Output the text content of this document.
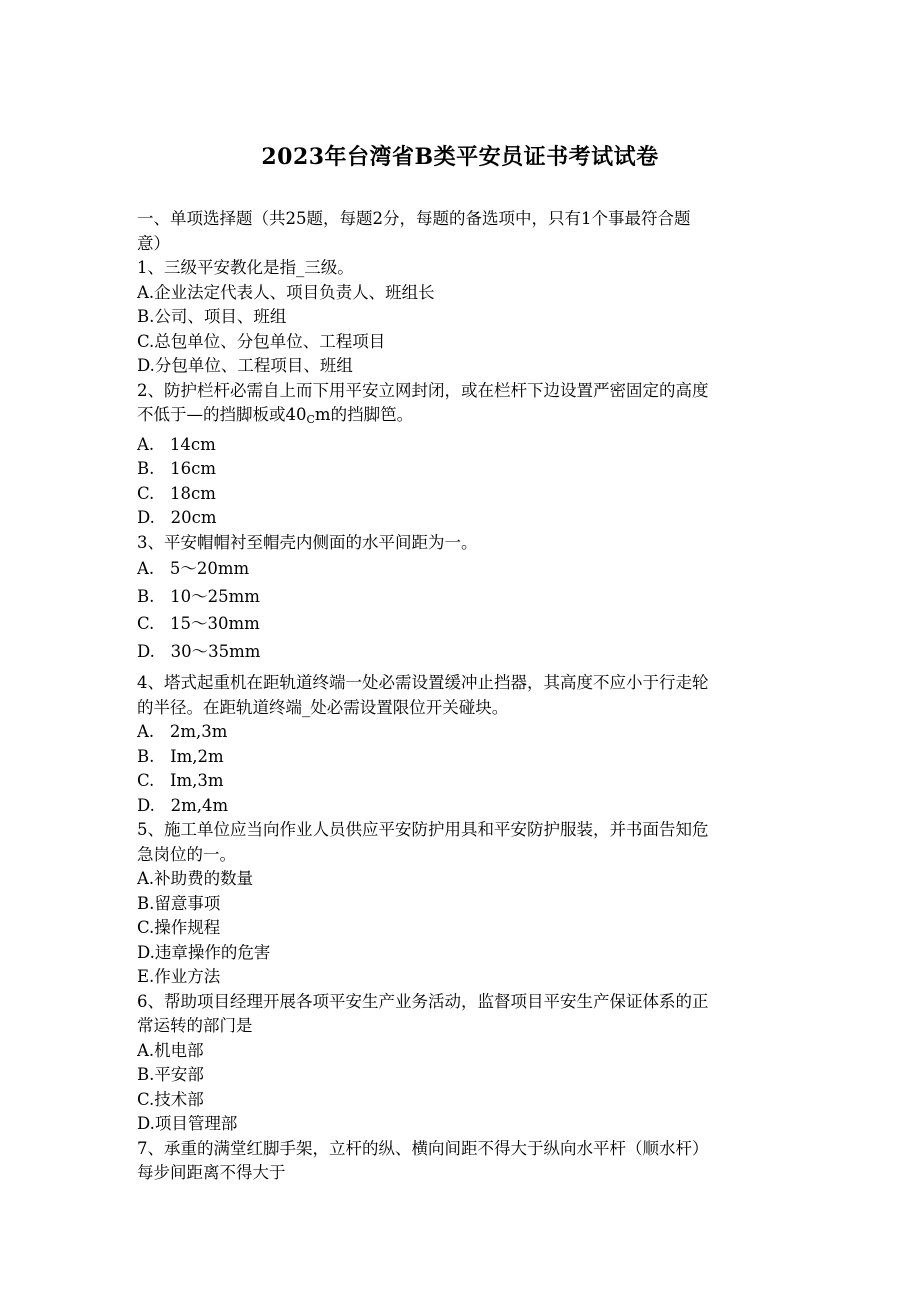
2023年台湾省B类平安员证书考试试卷
一、单项选择题（共25题，每题2分，每题的备选项中，只有1个事最符合题
意）
1、三级平安教化是指_三级。
A.企业法定代表人、项目负责人、班组长
B.公司、项目、班组
C.总包单位、分包单位、工程项目
D.分包单位、工程项目、班组
2、防护栏杆必需自上而下用平安立网封闭，或在栏杆下边设置严密固定的高度
不低于—的挡脚板或$40_Cm$的挡脚笆。
A.   14cm
B.   16cm
C.   18cm
D.   20cm
3、平安帽帽衬至帽壳内侧面的水平间距为一。
A.   5～20mm
B.   10～25mm
C.   15～30mm
D.   30～35mm
4、塔式起重机在距轨道终端一处必需设置缓冲止挡器，其高度不应小于行走轮
的半径。在距轨道终端_处必需设置限位开关碰块。
A.   2m,3m
B.   Im,2m
C.   Im,3m
D.   2m,4m
5、施工单位应当向作业人员供应平安防护用具和平安防护服装，并书面告知危
急岗位的一。
A.补助费的数量
B.留意事项
C.操作规程
D.违章操作的危害
E.作业方法
6、帮助项目经理开展各项平安生产业务活动，监督项目平安生产保证体系的正
常运转的部门是
A.机电部
B.平安部
C.技术部
D.项目管理部
7、承重的满堂红脚手架，立杆的纵、横向间距不得大于纵向水平杆（顺水杆）
每步间距离不得大于
